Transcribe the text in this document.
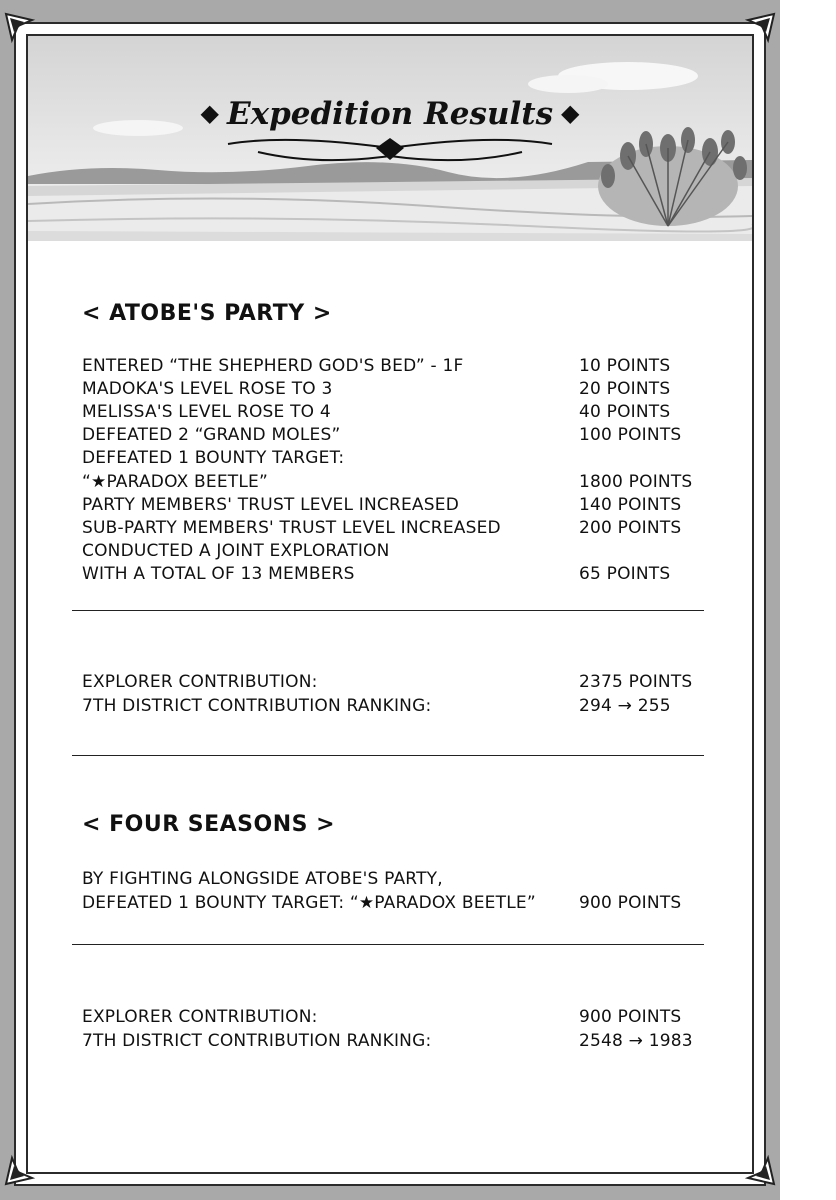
◆ Expedition Results ◆
< ATOBE'S PARTY >
ENTERED “THE SHEPHERD GOD'S BED” - 1F	10 POINTS
MADOKA'S LEVEL ROSE TO 3	20 POINTS
MELISSA'S LEVEL ROSE TO 4	40 POINTS
DEFEATED 2 “GRAND MOLES”	100 POINTS
DEFEATED 1 BOUNTY TARGET:
“★PARADOX BEETLE”	1800 POINTS
PARTY MEMBERS' TRUST LEVEL INCREASED	140 POINTS
SUB-PARTY MEMBERS' TRUST LEVEL INCREASED	200 POINTS
CONDUCTED A JOINT EXPLORATION
WITH A TOTAL OF 13 MEMBERS	65 POINTS
EXPLORER CONTRIBUTION:	2375 POINTS
7TH DISTRICT CONTRIBUTION RANKING:	294 → 255
< FOUR SEASONS >
BY FIGHTING ALONGSIDE ATOBE'S PARTY,
DEFEATED 1 BOUNTY TARGET: “★PARADOX BEETLE”	900 POINTS
EXPLORER CONTRIBUTION:	900 POINTS
7TH DISTRICT CONTRIBUTION RANKING:	2548 → 1983
